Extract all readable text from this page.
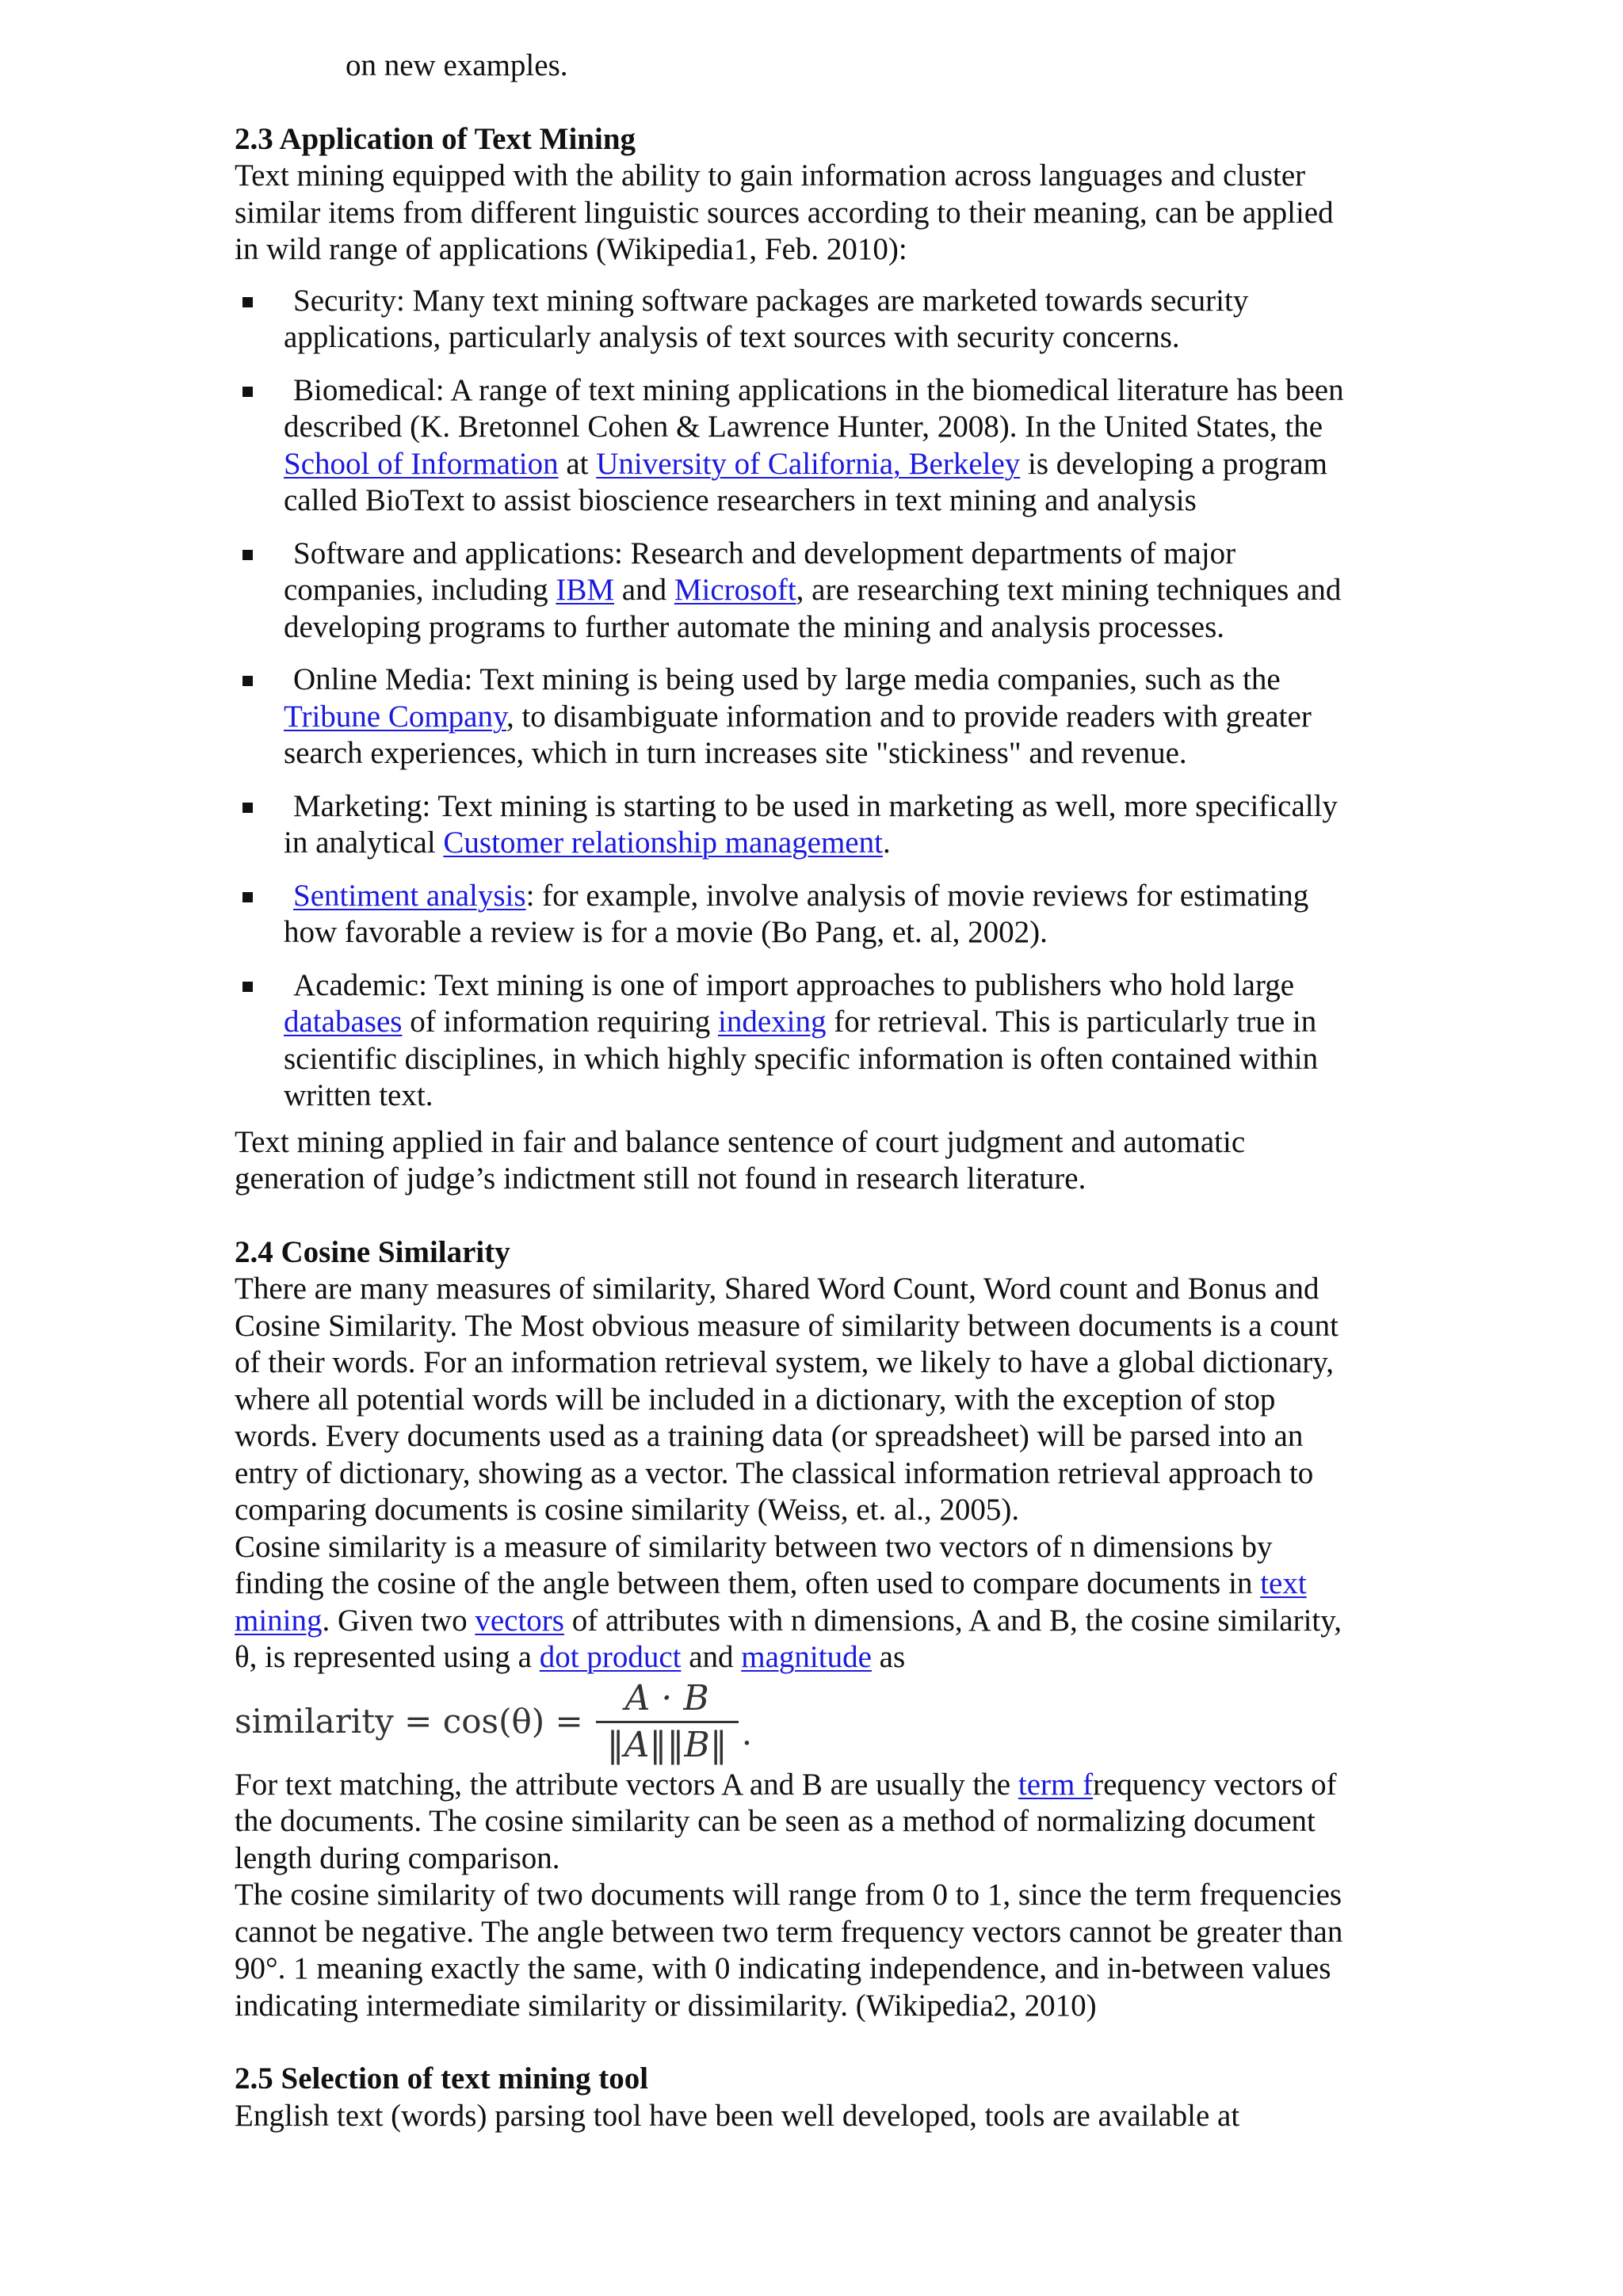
on new examples.

2.3 Application of Text Mining

Text mining equipped with the ability to gain information across languages and cluster similar items from different linguistic sources according to their meaning, can be applied in wild range of applications (Wikipedia1, Feb. 2010):

Security: Many text mining software packages are marketed towards security applications, particularly analysis of text sources with security concerns.
Biomedical: A range of text mining applications in the biomedical literature has been described (K. Bretonnel Cohen & Lawrence Hunter, 2008). In the United States, the School of Information at University of California, Berkeley is developing a program called BioText to assist bioscience researchers in text mining and analysis
Software and applications: Research and development departments of major companies, including IBM and Microsoft, are researching text mining techniques and developing programs to further automate the mining and analysis processes.
Online Media: Text mining is being used by large media companies, such as the Tribune Company, to disambiguate information and to provide readers with greater search experiences, which in turn increases site "stickiness" and revenue.
Marketing: Text mining is starting to be used in marketing as well, more specifically in analytical Customer relationship management.
Sentiment analysis: for example, involve analysis of movie reviews for estimating how favorable a review is for a movie (Bo Pang, et. al, 2002).
Academic: Text mining is one of import approaches to publishers who hold large databases of information requiring indexing for retrieval. This is particularly true in scientific disciplines, in which highly specific information is often contained within written text.

Text mining applied in fair and balance sentence of court judgment and automatic generation of judge’s indictment still not found in research literature.

2.4 Cosine Similarity

There are many measures of similarity, Shared Word Count, Word count and Bonus and Cosine Similarity. The Most obvious measure of similarity between documents is a count of their words. For an information retrieval system, we likely to have a global dictionary, where all potential words will be included in a dictionary, with the exception of stop words. Every documents used as a training data (or spreadsheet) will be parsed into an entry of dictionary, showing as a vector. The classical information retrieval approach to comparing documents is cosine similarity (Weiss, et. al., 2005).

Cosine similarity is a measure of similarity between two vectors of n dimensions by finding the cosine of the angle between them, often used to compare documents in text mining. Given two vectors of attributes with n dimensions, A and B, the cosine similarity, θ, is represented using a dot product and magnitude as

similarity = $\cos(\theta) = \frac{A \cdot B}{‖A‖‖B‖}$ .

For text matching, the attribute vectors A and B are usually the term frequency vectors of the documents. The cosine similarity can be seen as a method of normalizing document length during comparison.

The cosine similarity of two documents will range from 0 to 1, since the term frequencies cannot be negative. The angle between two term frequency vectors cannot be greater than 90°. 1 meaning exactly the same, with 0 indicating independence, and in-between values indicating intermediate similarity or dissimilarity. (Wikipedia2, 2010)

2.5 Selection of text mining tool

English text (words) parsing tool have been well developed, tools are available at
